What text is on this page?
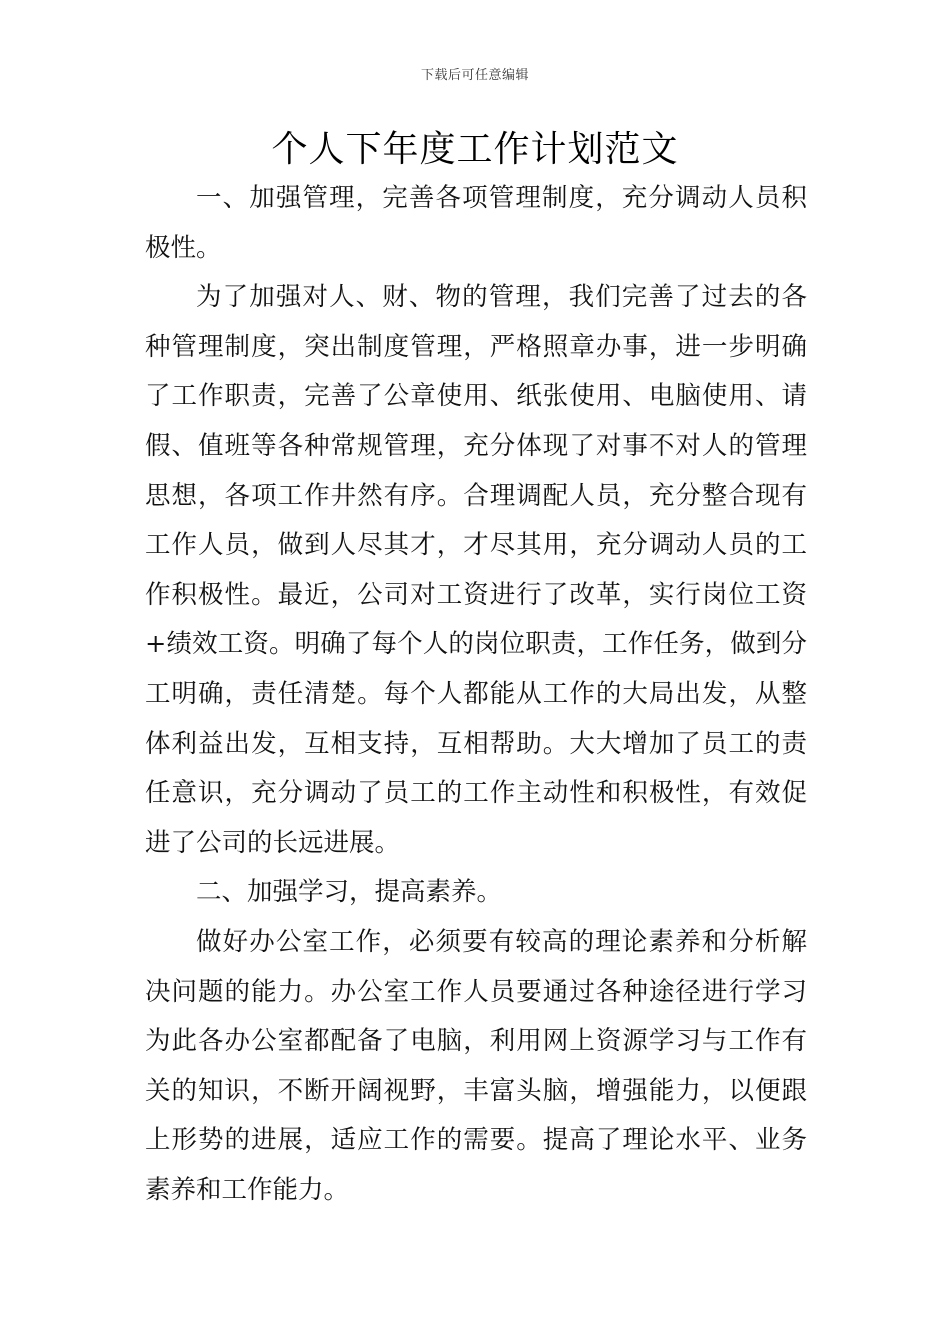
下载后可任意编辑
个人下年度工作计划范文

一、加强管理，完善各项管理制度，充分调动人员积极性。

为了加强对人、财、物的管理，我们完善了过去的各种管理制度，突出制度管理，严格照章办事，进一步明确了工作职责，完善了公章使用、纸张使用、电脑使用、请假、值班等各种常规管理，充分体现了对事不对人的管理思想，各项工作井然有序。合理调配人员，充分整合现有工作人员，做到人尽其才，才尽其用，充分调动人员的工作积极性。最近，公司对工资进行了改革，实行岗位工资+绩效工资。明确了每个人的岗位职责，工作任务，做到分工明确，责任清楚。每个人都能从工作的大局出发，从整体利益出发，互相支持，互相帮助。大大增加了员工的责任意识，充分调动了员工的工作主动性和积极性，有效促进了公司的长远进展。

二、加强学习，提高素养。

做好办公室工作，必须要有较高的理论素养和分析解决问题的能力。办公室工作人员要通过各种途径进行学习为此各办公室都配备了电脑，利用网上资源学习与工作有关的知识，不断开阔视野，丰富头脑，增强能力，以便跟上形势的进展，适应工作的需要。提高了理论水平、业务素养和工作能力。
